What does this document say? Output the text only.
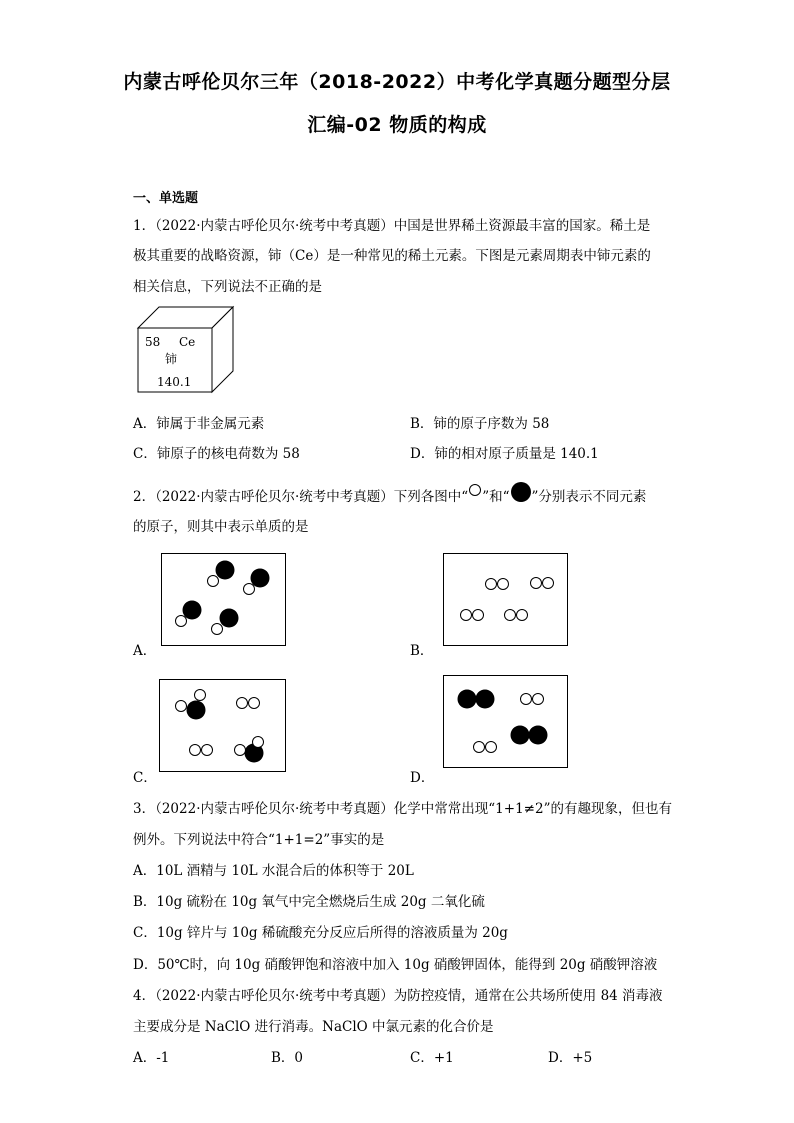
内蒙古呼伦贝尔三年（2018-2022）中考化学真题分题型分层
汇编-02 物质的构成
一、单选题
1．（2022·内蒙古呼伦贝尔·统考中考真题）中国是世界稀土资源最丰富的国家。稀土是
极其重要的战略资源，铈（Ce）是一种常见的稀土元素。下图是元素周期表中铈元素的
相关信息，下列说法不正确的是
58 Ce
铈
140.1
A．铈属于非金属元素	B．铈的原子序数为 58
C．铈原子的核电荷数为 58	D．铈的相对原子质量是 140.1
2．（2022·内蒙古呼伦贝尔·统考中考真题）下列各图中“ ”和“ ”分别表示不同元素
的原子，则其中表示单质的是
A．	B．
C．	D．
3．（2022·内蒙古呼伦贝尔·统考中考真题）化学中常常出现“1+1≠2”的有趣现象，但也有
例外。下列说法中符合“1+1=2”事实的是
A．10L 酒精与 10L 水混合后的体积等于 20L
B．10g 硫粉在 10g 氧气中完全燃烧后生成 20g 二氧化硫
C．10g 锌片与 10g 稀硫酸充分反应后所得的溶液质量为 20g
D．50℃时，向 10g 硝酸钾饱和溶液中加入 10g 硝酸钾固体，能得到 20g 硝酸钾溶液
4．（2022·内蒙古呼伦贝尔·统考中考真题）为防控疫情，通常在公共场所使用 84 消毒液
主要成分是 NaClO 进行消毒。NaClO 中氯元素的化合价是
A．-1	B．0	C．+1	D．+5
